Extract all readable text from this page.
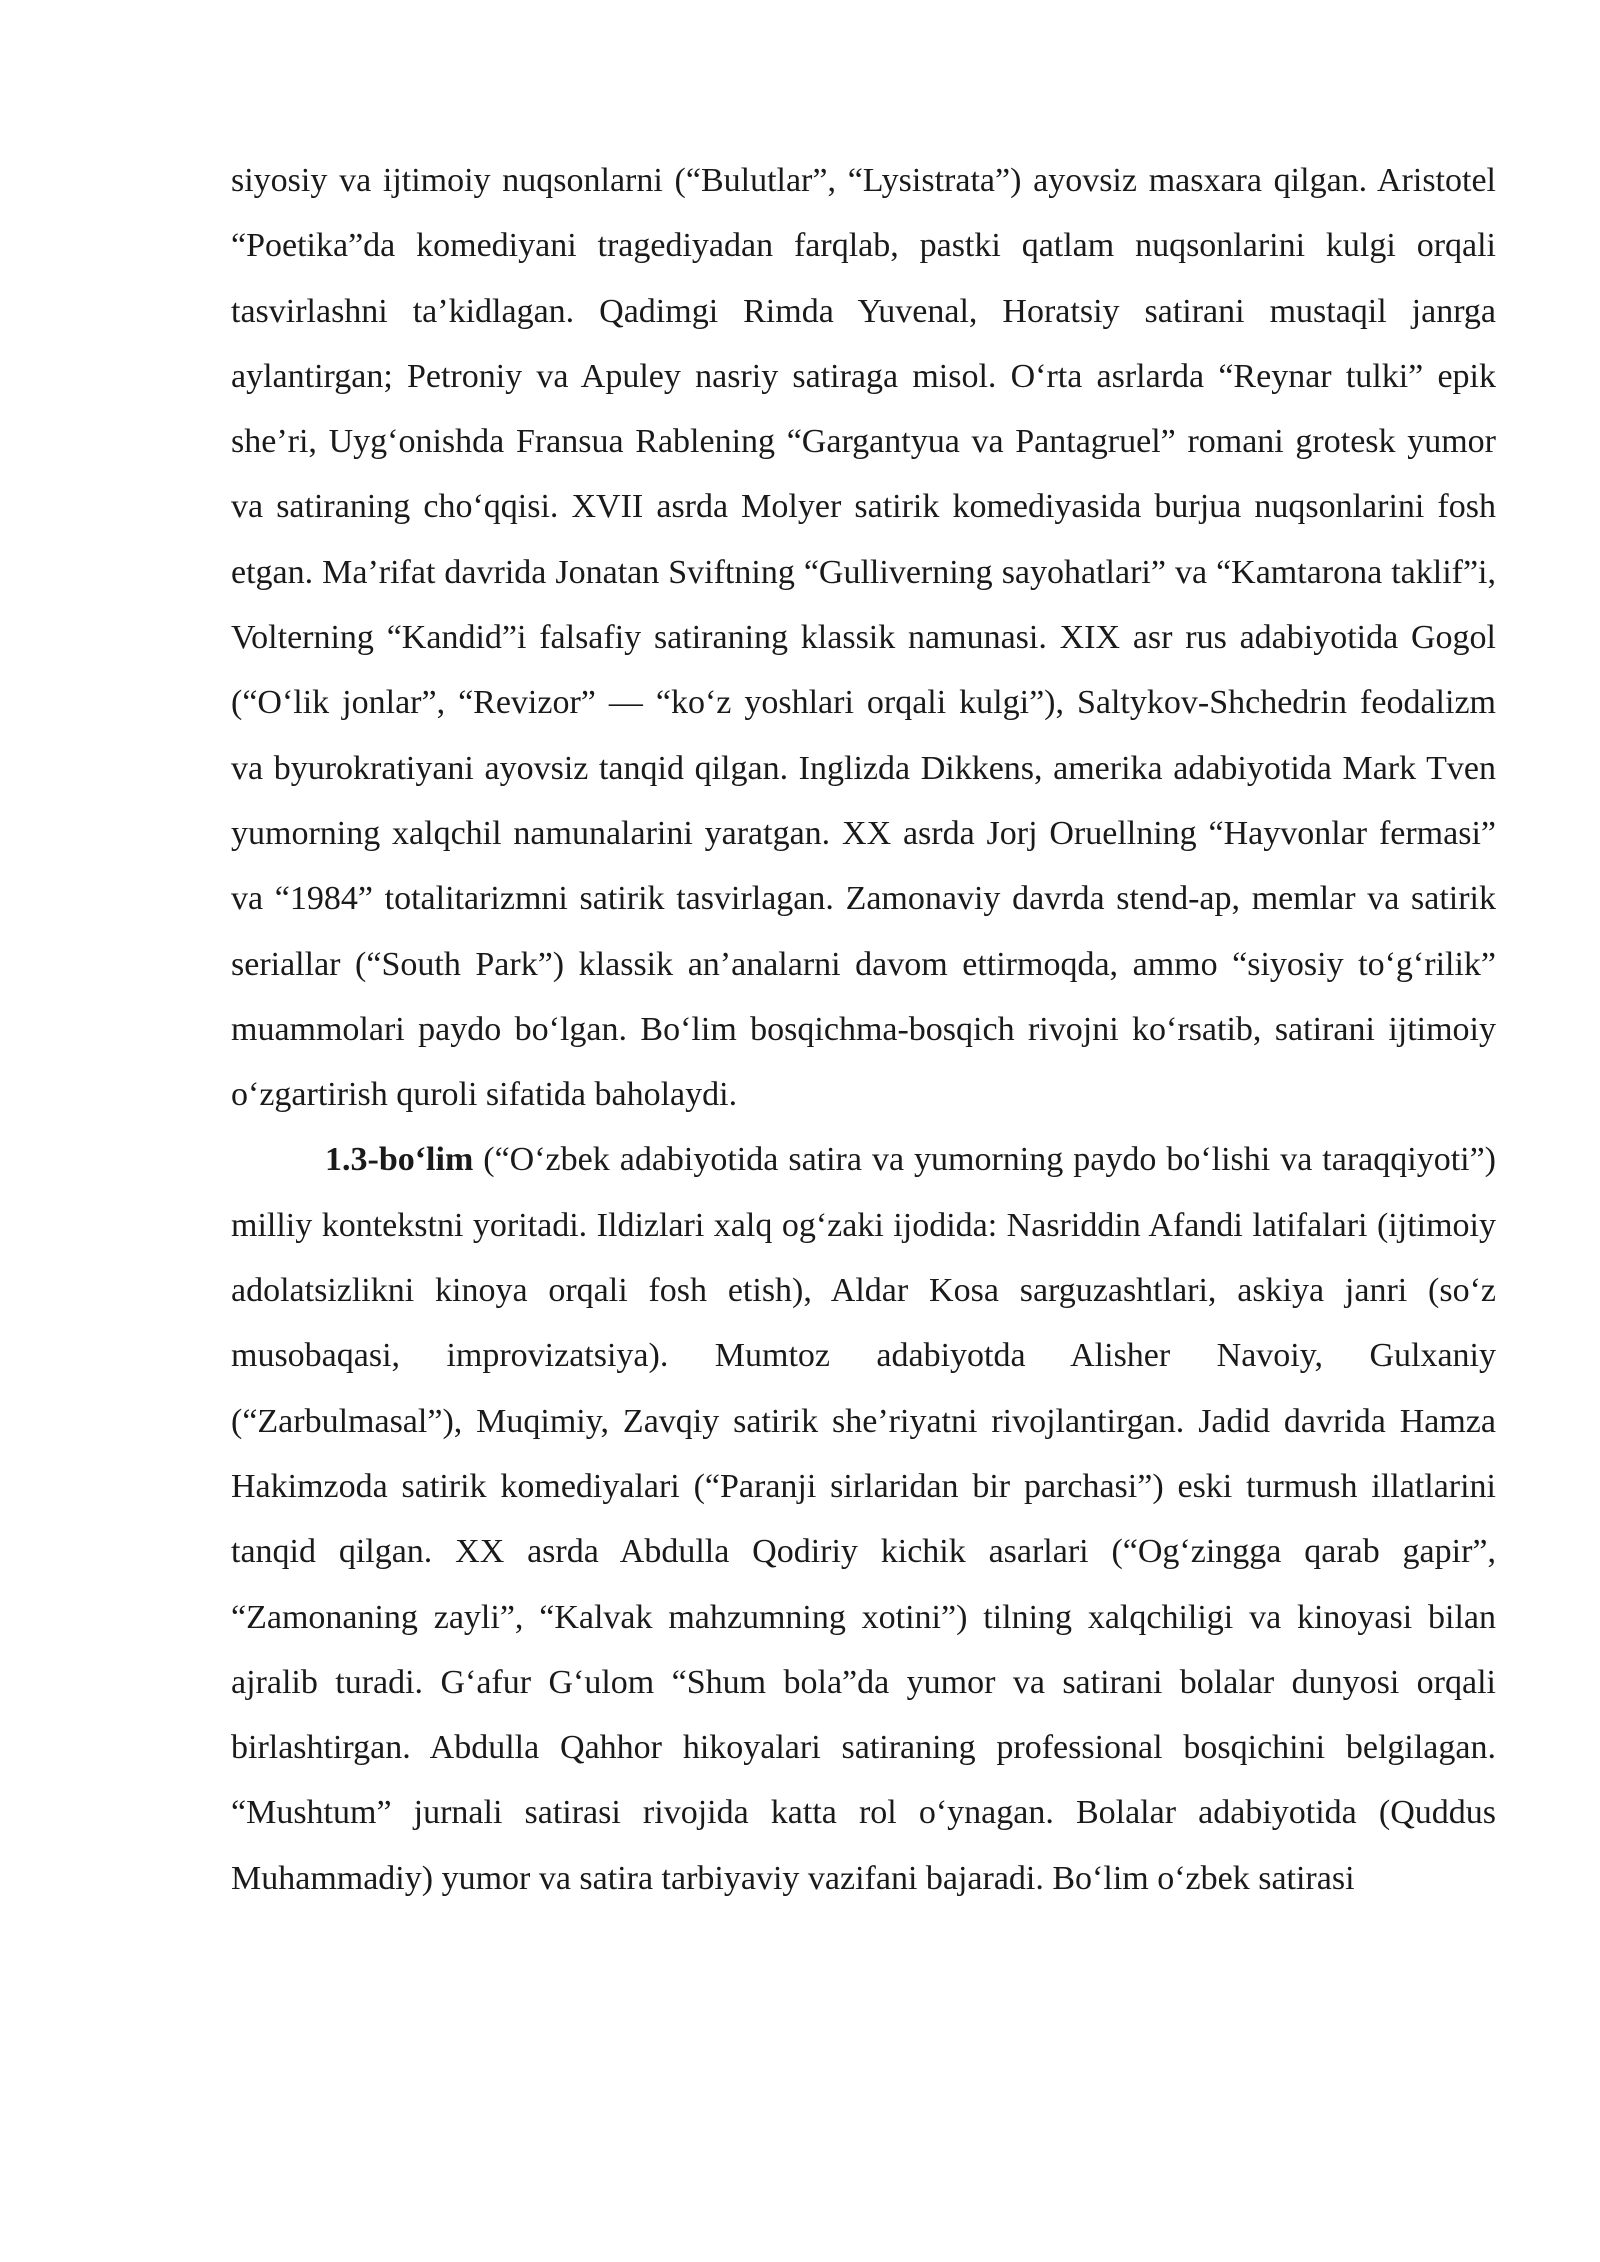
siyosiy va ijtimoiy nuqsonlarni (“Bulutlar”, “Lysistrata”) ayovsiz masxara qilgan. Aristotel “Poetika”da komediyani tragediyadan farqlab, pastki qatlam nuqsonlarini kulgi orqali tasvirlashni ta’kidlagan. Qadimgi Rimda Yuvenal, Horatsiy satirani mustaqil janrga aylantirgan; Petroniy va Apuley nasriy satiraga misol. O‘rta asrlarda “Reynar tulki” epik she’ri, Uyg‘onishda Fransua Rablening “Gargantyua va Pantagruel” romani grotesk yumor va satiraning cho‘qqisi. XVII asrda Molyer satirik komediyasida burjua nuqsonlarini fosh etgan. Ma’rifat davrida Jonatan Sviftning “Gulliverning sayohatlari” va “Kamtarona taklif”i, Volterning “Kandid”i falsafiy satiraning klassik namunasi. XIX asr rus adabiyotida Gogol (“O‘lik jonlar”, “Revizor” — “ko‘z yoshlari orqali kulgi”), Saltykov-Shchedrin feodalizm va byurokratiyani ayovsiz tanqid qilgan. Inglizda Dikkens, amerika adabiyotida Mark Tven yumorning xalqchil namunalarini yaratgan. XX asrda Jorj Oruellning “Hayvonlar fermasi” va “1984” totalitarizmni satirik tasvirlagan. Zamonaviy davrda stend-ap, memlar va satirik seriallar (“South Park”) klassik an’analarni davom ettirmoqda, ammo “siyosiy to‘g‘rilik” muammolari paydo bo‘lgan. Bo‘lim bosqichma-bosqich rivojni ko‘rsatib, satirani ijtimoiy o‘zgartirish quroli sifatida baholaydi.

1.3-bo‘lim (“O‘zbek adabiyotida satira va yumorning paydo bo‘lishi va taraqqiyoti”) milliy kontekstni yoritadi. Ildizlari xalq og‘zaki ijodida: Nasriddin Afandi latifalari (ijtimoiy adolatsizlikni kinoya orqali fosh etish), Aldar Kosa sarguzashtlari, askiya janri (so‘z musobaqasi, improvizatsiya). Mumtoz adabiyotda Alisher Navoiy, Gulxaniy (“Zarbulmasal”), Muqimiy, Zavqiy satirik she’riyatni rivojlantirgan. Jadid davrida Hamza Hakimzoda satirik komediyalari (“Paranji sirlaridan bir parchasi”) eski turmush illatlarini tanqid qilgan. XX asrda Abdulla Qodiriy kichik asarlari (“Og‘zingga qarab gapir”, “Zamonaning zayli”, “Kalvak mahzumning xotini”) tilning xalqchiligi va kinoyasi bilan ajralib turadi. G‘afur G‘ulom “Shum bola”da yumor va satirani bolalar dunyosi orqali birlashtirgan. Abdulla Qahhor hikoyalari satiraning professional bosqichini belgilagan. “Mushtum” jurnali satirasi rivojida katta rol o‘ynagan. Bolalar adabiyotida (Quddus Muhammadiy) yumor va satira tarbiyaviy vazifani bajaradi. Bo‘lim o‘zbek satirasi
